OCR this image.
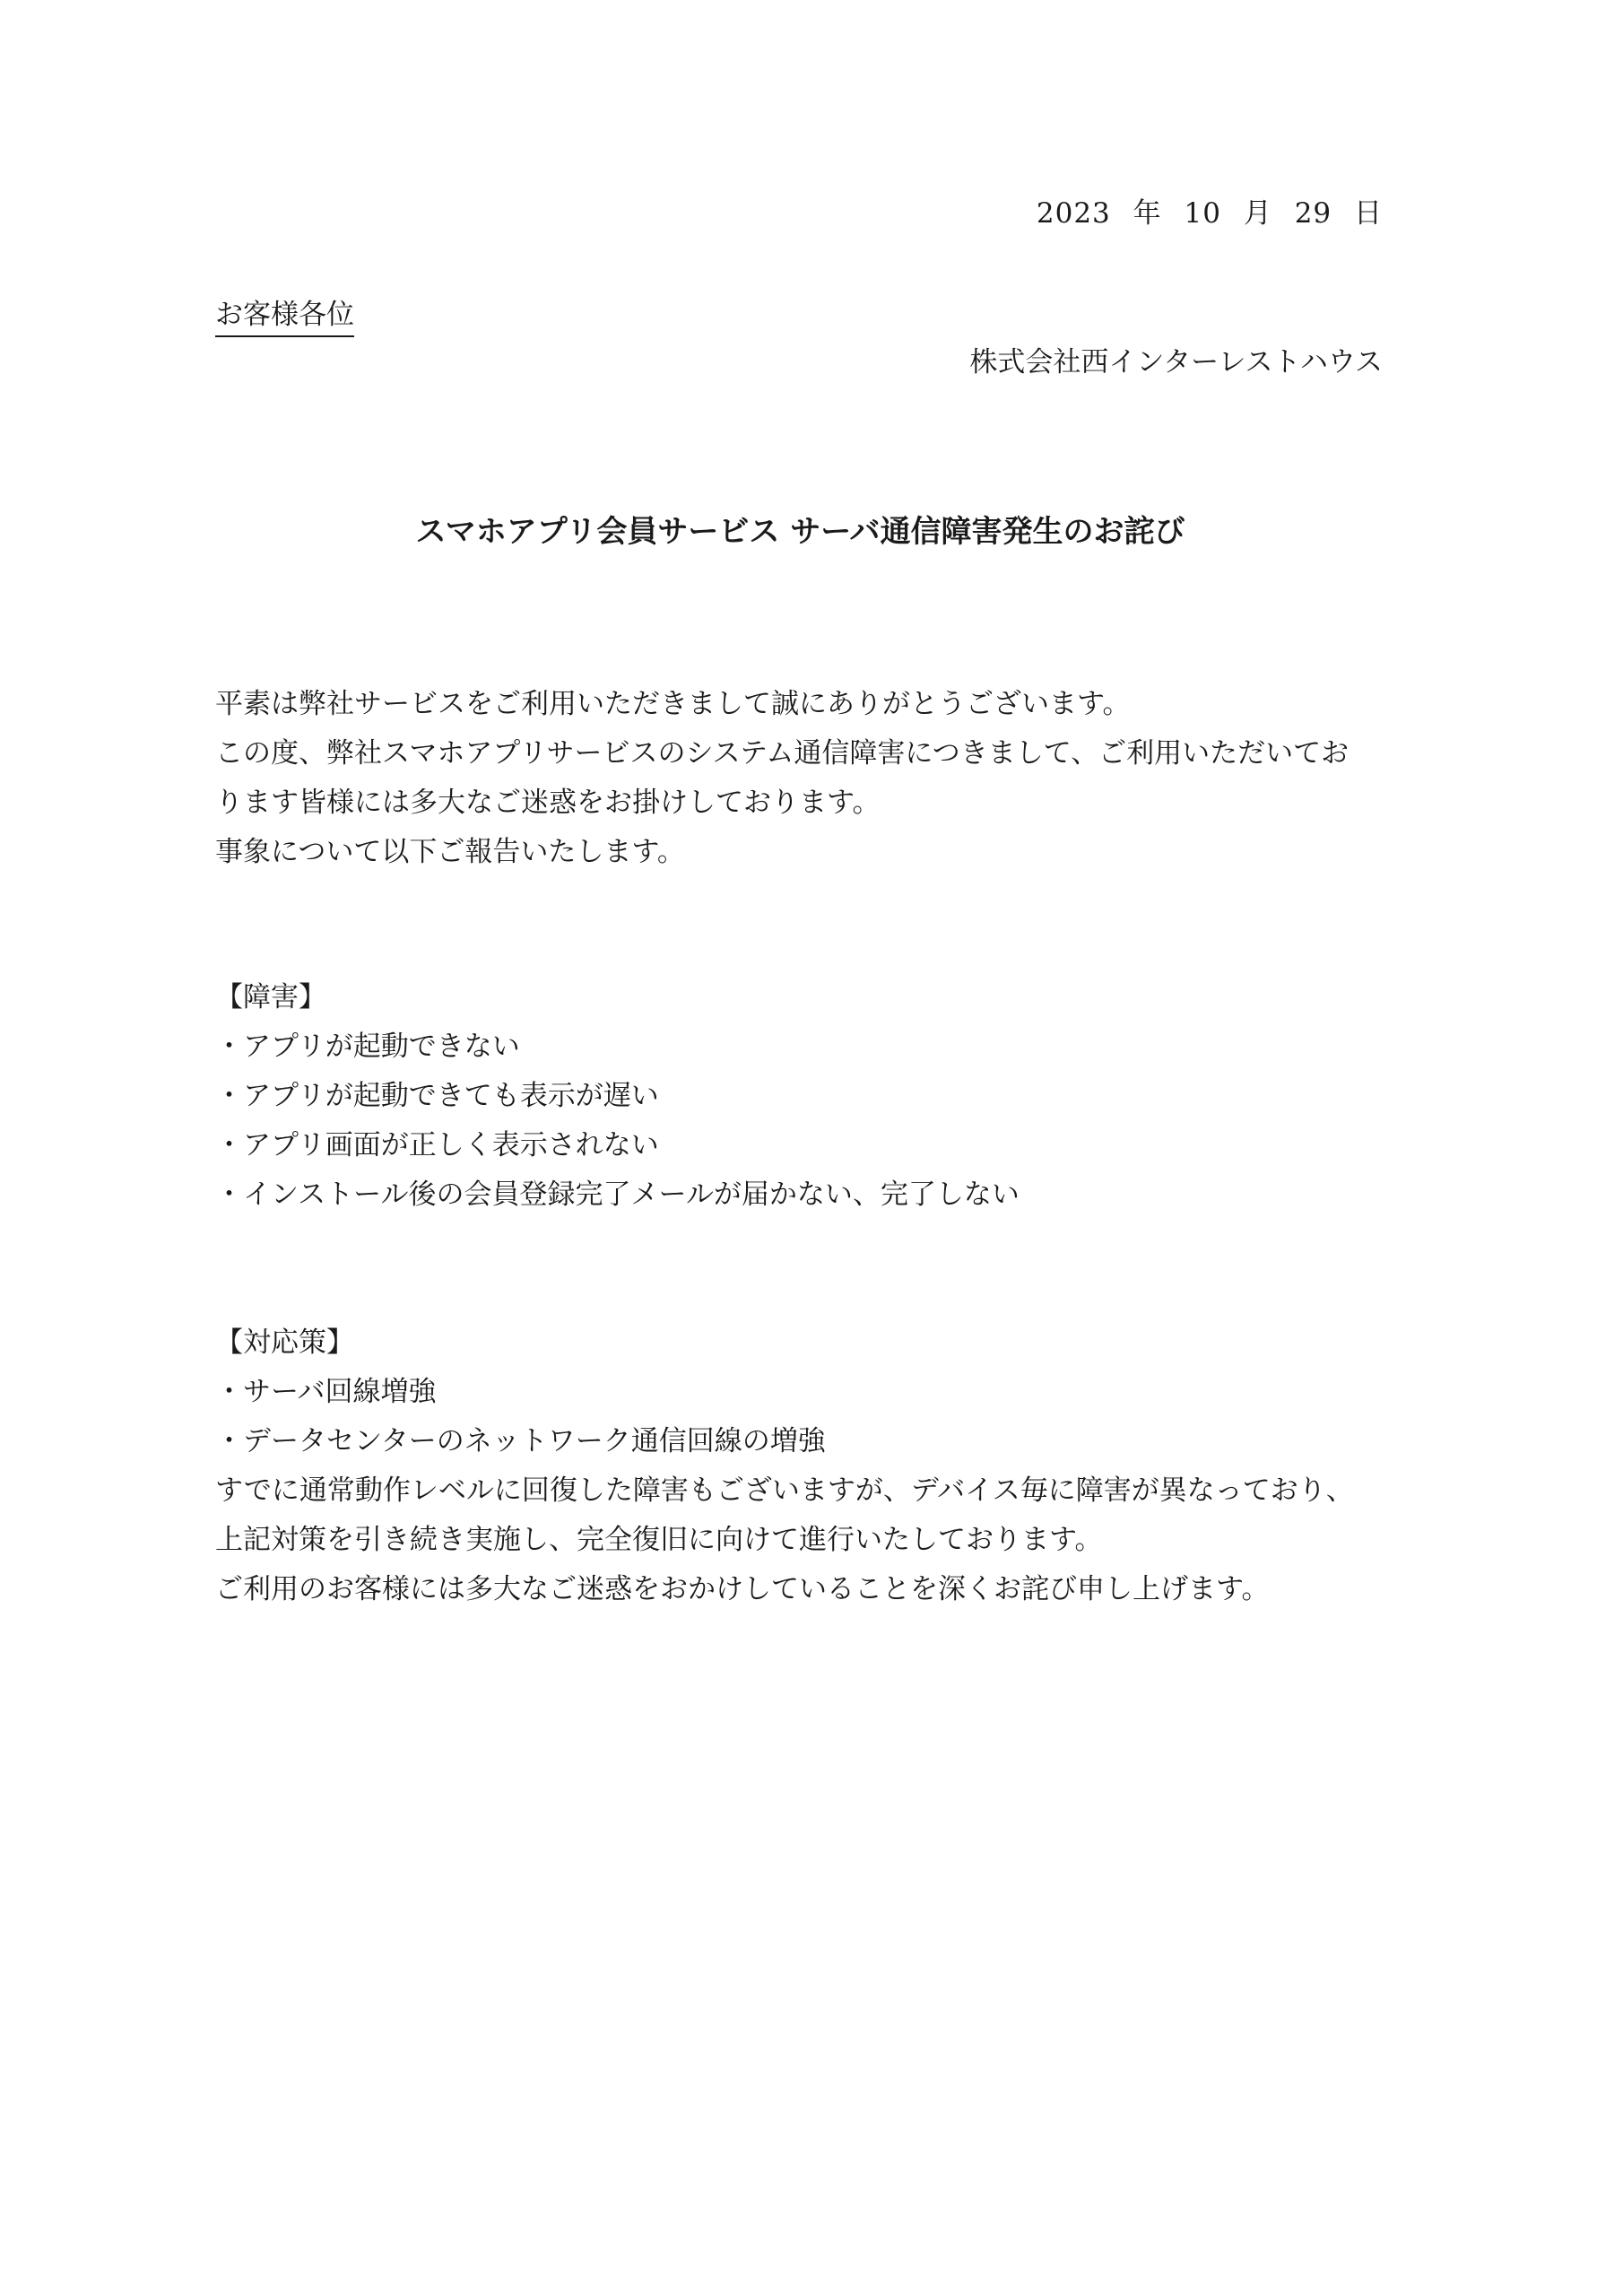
2023 年 10 月 29 日
お客様各位
株式会社西インターレストハウス
スマホアプリ会員サービス サーバ通信障害発生のお詫び

平素は弊社サービスをご利用いただきまして誠にありがとうございます。

この度、弊社スマホアプリサービスのシステム通信障害につきまして、ご利用いただいてお

ります皆様には多大なご迷惑をお掛けしております。

事象について以下ご報告いたします。

【障害】

・ アプリが起動できない

・ アプリが起動できても表示が遅い

・ アプリ画面が正しく表示されない

・ インストール後の会員登録完了メールが届かない、完了しない

【対応策】

・ サーバ回線増強

・ データセンターのネットワーク通信回線の増強

すでに通常動作レベルに回復した障害もございますが、デバイス毎に障害が異なっており、

上記対策を引き続き実施し、完全復旧に向けて進行いたしております。

ご利用のお客様には多大なご迷惑をおかけしていることを深くお詫び申し上げます。
